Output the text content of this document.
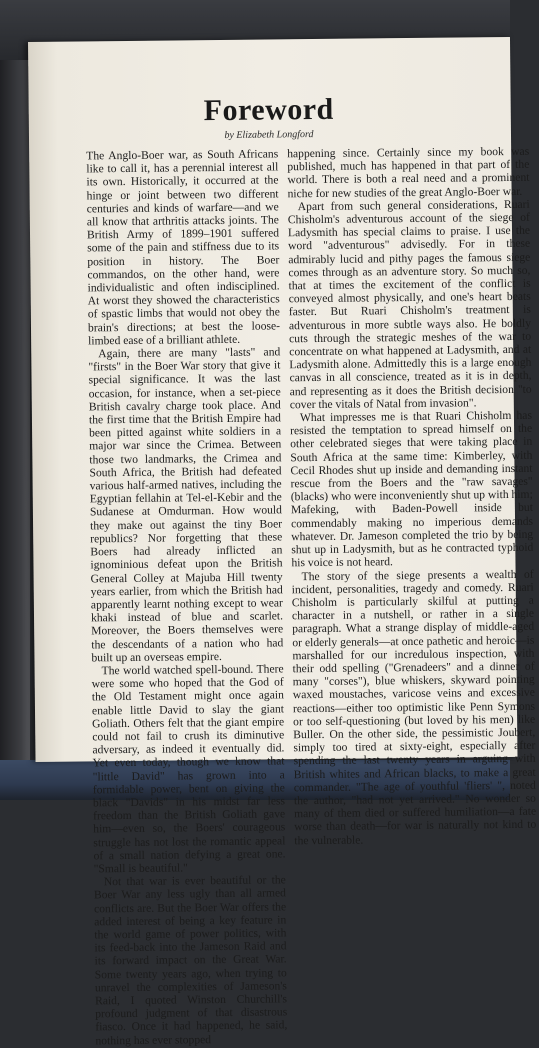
Foreword
by Elizabeth Longford

The Anglo-Boer war, as South Africans like to call it, has a perennial interest all its own. Historically, it occurred at the hinge or joint between two different centuries and kinds of warfare—and we all know that arthritis attacks joints. The British Army of 1899–1901 suffered some of the pain and stiffness due to its position in history. The Boer commandos, on the other hand, were individualistic and often indisciplined. At worst they showed the characteristics of spastic limbs that would not obey the brain's directions; at best the loose-limbed ease of a brilliant athlete.

Again, there are many "lasts" and "firsts" in the Boer War story that give it special significance. It was the last occasion, for instance, when a set-piece British cavalry charge took place. And the first time that the British Empire had been pitted against white soldiers in a major war since the Crimea. Between those two landmarks, the Crimea and South Africa, the British had defeated various half-armed natives, including the Egyptian fellahin at Tel-el-Kebir and the Sudanese at Omdurman. How would they make out against the tiny Boer republics? Nor forgetting that these Boers had already inflicted an ignominious defeat upon the British General Colley at Majuba Hill twenty years earlier, from which the British had apparently learnt nothing except to wear khaki instead of blue and scarlet. Moreover, the Boers themselves were the descendants of a nation who had built up an overseas empire.

The world watched spell-bound. There were some who hoped that the God of the Old Testament might once again enable little David to slay the giant Goliath. Others felt that the giant empire could not fail to crush its diminutive adversary, as indeed it eventually did. Yet even today, though we know that "little David" has grown into a formidable power, bent on giving the black "Davids" in his midst far less freedom than the British Goliath gave him—even so, the Boers' courageous struggle has not lost the romantic appeal of a small nation defying a great one. "Small is beautiful."

Not that war is ever beautiful or the Boer War any less ugly than all armed conflicts are. But the Boer War offers the added interest of being a key feature in the world game of power politics, with its feed-back into the Jameson Raid and its forward impact on the Great War. Some twenty years ago, when trying to unravel the complexities of Jameson's Raid, I quoted Winston Churchill's profound judgment of that disastrous fiasco. Once it had happened, he said, nothing has ever stopped

happening since. Certainly since my book was published, much has happened in that part of the world. There is both a real need and a prominent niche for new studies of the great Anglo-Boer war.

Apart from such general considerations, Ruari Chisholm's adventurous account of the siege of Ladysmith has special claims to praise. I use the word "adventurous" advisedly. For in these admirably lucid and pithy pages the famous siege comes through as an adventure story. So much so, that at times the excitement of the conflict is conveyed almost physically, and one's heart beats faster. But Ruari Chisholm's treatment is adventurous in more subtle ways also. He boldly cuts through the strategic meshes of the war to concentrate on what happened at Ladysmith, and at Ladysmith alone. Admittedly this is a large enough canvas in all conscience, treated as it is in depth, and representing as it does the British decision "to cover the vitals of Natal from invasion".

What impresses me is that Ruari Chisholm has resisted the temptation to spread himself on the other celebrated sieges that were taking place in South Africa at the same time: Kimberley, with Cecil Rhodes shut up inside and demanding instant rescue from the Boers and the "raw savages" (blacks) who were inconveniently shut up with him; Mafeking, with Baden-Powell inside but commendably making no imperious demands whatever. Dr. Jameson completed the trio by being shut up in Ladysmith, but as he contracted typhoid his voice is not heard.

The story of the siege presents a wealth of incident, personalities, tragedy and comedy. Ruari Chisholm is particularly skilful at putting a character in a nutshell, or rather in a single paragraph. What a strange display of middle-aged or elderly generals—at once pathetic and heroic—is marshalled for our incredulous inspection, with their odd spelling ("Grenadeers" and a dinner of many "corses"), blue whiskers, skyward pointing waxed moustaches, varicose veins and excessive reactions—either too optimistic like Penn Symons or too self-questioning (but loved by his men) like Buller. On the other side, the pessimistic Joubert, simply too tired at sixty-eight, especially after spending the last twenty years in arguing with British whites and African blacks, to make a great commander. "The age of youthful 'fliers' ", noted the author, "had not yet arrived." No wonder so many of them died or suffered humiliation—a fate worse than death—for war is naturally not kind to the vulnerable.
